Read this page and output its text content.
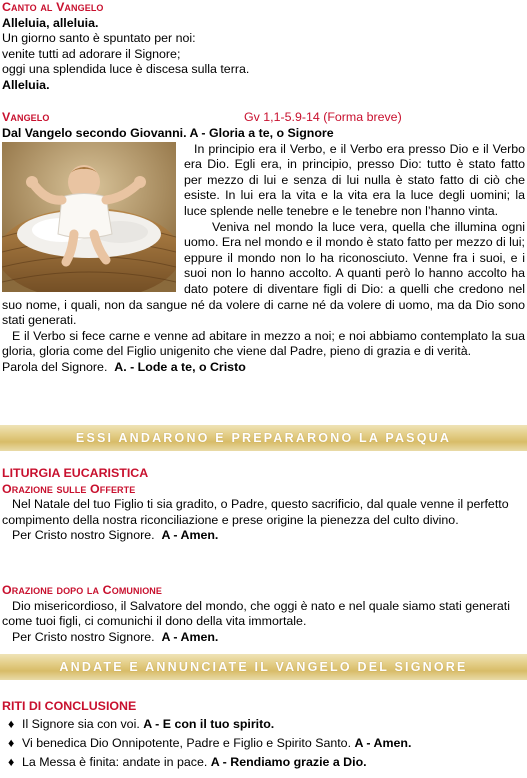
Canto al Vangelo

Alleluia, alleluia.

Un giorno santo è spuntato per noi:

venite tutti ad adorare il Signore;

oggi una splendida luce è discesa sulla terra.

Alleluia.

Vangelo	Gv 1,1-5.9-14 (Forma breve)

Dal Vangelo secondo Giovanni. A - Gloria a te, o Signore

In principio era il Verbo, e il Verbo era presso Dio e il Verbo era Dio. Egli era, in principio, presso Dio: tutto è stato fatto per mezzo di lui e senza di lui nulla è stato fatto di ciò che esiste. In lui era la vita e la vita era la luce degli uomini; la luce splende nelle tenebre e le tenebre non l’hanno vinta.

Veniva nel mondo la luce vera, quella che illumina ogni uomo. Era nel mondo e il mondo è stato fatto per mezzo di lui; eppure il mondo non lo ha riconosciuto. Venne fra i suoi, e i suoi non lo hanno accolto. A quanti però lo hanno accolto ha dato potere di diventare figli di Dio: a quelli che credono nel suo nome, i quali, non da sangue né da volere di carne né da volere di uomo, ma da Dio sono stati generati.

E il Verbo si fece carne e venne ad abitare in mezzo a noi; e noi abbiamo contemplato la sua gloria, gloria come del Figlio unigenito che viene dal Padre, pieno di grazia e di verità.

Parola del Signore. A. - Lode a te, o Cristo

ESSI ANDARONO E PREPARARONO LA PASQUA
LITURGIA EUCARISTICA
Orazione sulle Offerte

Nel Natale del tuo Figlio ti sia gradito, o Padre, questo sacrificio, dal quale venne il perfetto compimento della nostra riconciliazione e prese origine la pienezza del culto divino.

Per Cristo nostro Signore. A - Amen.

Orazione dopo la Comunione

Dio misericordioso, il Salvatore del mondo, che oggi è nato e nel quale siamo stati generati come tuoi figli, ci comunichi il dono della vita immortale.

Per Cristo nostro Signore. A - Amen.

ANDATE E ANNUNCIATE IL VANGELO DEL SIGNORE
RITI DI CONCLUSIONE
♦ Il Signore sia con voi. A - E con il tuo spirito.
♦ Vi benedica Dio Onnipotente, Padre e Figlio e Spirito Santo. A - Amen.
♦ La Messa è finita: andate in pace. A - Rendiamo grazie a Dio.
